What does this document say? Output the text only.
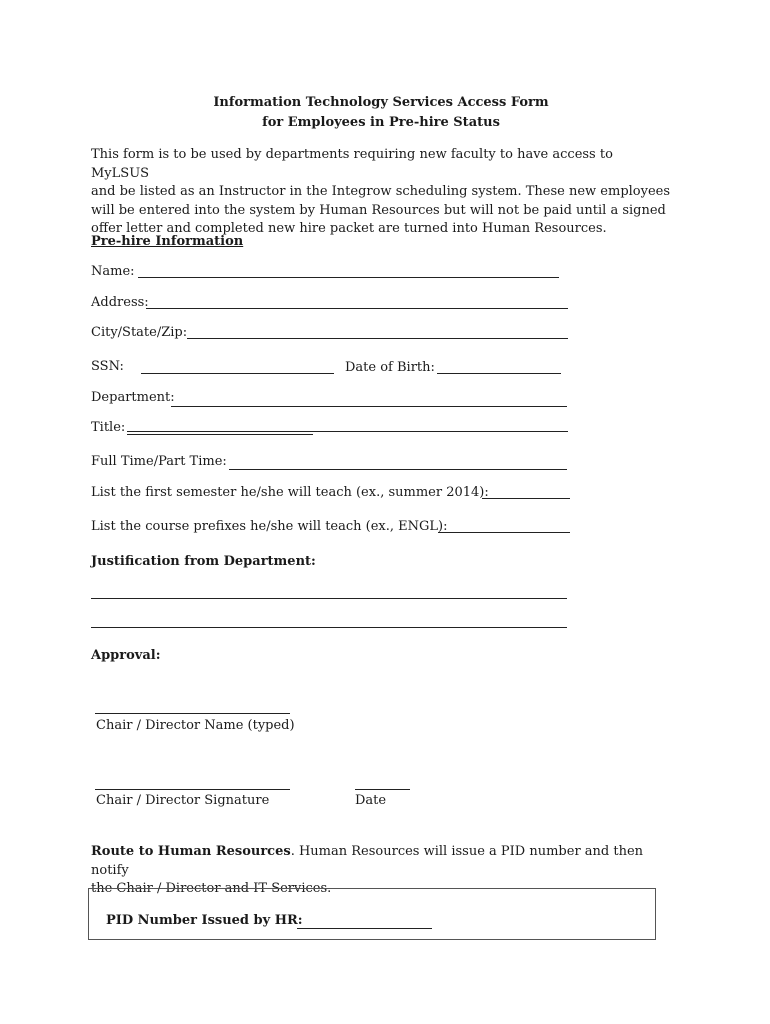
Information Technology Services Access Form
for Employees in Pre-hire Status
This form is to be used by departments requiring new faculty to have access to MyLSUS
and be listed as an Instructor in the Integrow scheduling system. These new employees
will be entered into the system by Human Resources but will not be paid until a signed
offer letter and completed new hire packet are turned into Human Resources.
Pre-hire Information
Name:
Address:
City/State/Zip:
SSN:	Date of Birth:
Department:
Title:
Full Time/Part Time:
List the first semester he/she will teach (ex., summer 2014):
List the course prefixes he/she will teach (ex., ENGL):
Justification from Department:
Approval:
Chair / Director Name (typed)
Chair / Director Signature	Date
Route to Human Resources. Human Resources will issue a PID number and then notify
the Chair / Director and IT Services.
PID Number Issued by HR:
